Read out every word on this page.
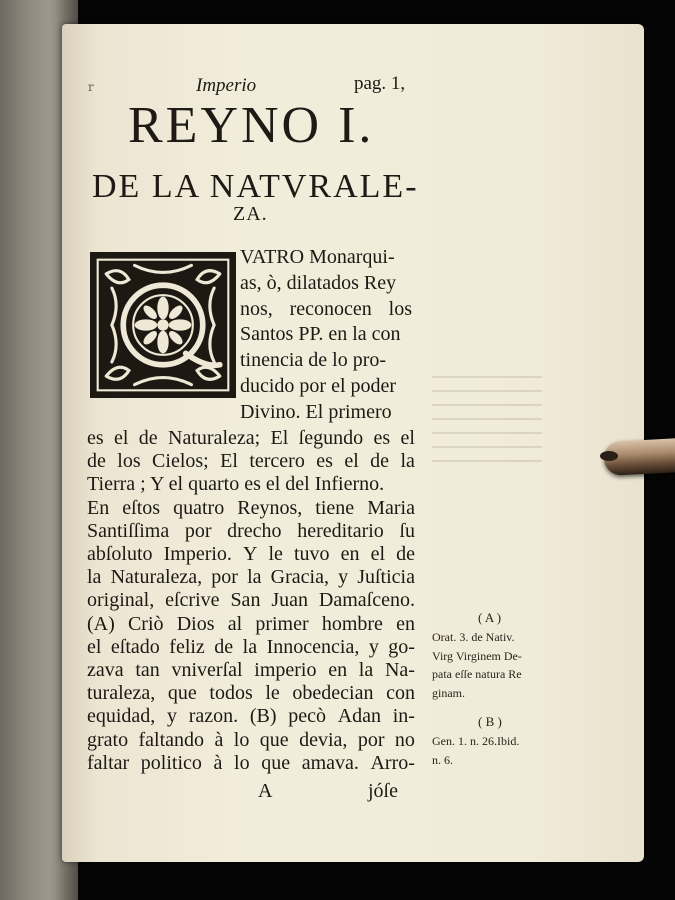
r	Imperio	pag. 1,
REYNO I.
DE LA NATVRALE-
ZA.
VATRO Monarqui-
as, ò, dilatados Rey
nos, reconocen los
Santos PP. en la con
tinencia de lo pro-
ducido por el poder
Divino. El primero
es el de Naturaleza; El ſegundo es el
de los Cielos; El tercero es el de la
Tierra ; Y el quarto es el del Infierno.
En eſtos quatro Reynos, tiene Maria
Santiſſima por drecho hereditario ſu
abſoluto Imperio. Y le tuvo en el de
la Naturaleza, por la Gracia, y Juſticia
original, eſcrive San Juan Damaſceno.
(A) Criò Dios al primer hombre en
el eſtado feliz de la Innocencia, y go-
zava tan vniverſal imperio en la Na-
turaleza, que todos le obedecian con
equidad, y razon. (B) pecò Adan in-
grato faltando à lo que devia, por no
faltar politico à lo que amava. Arro-
A	jóſe
( A )
Orat. 3. de Nativ.
Virg Virginem De-
pata eſſe natura Re
ginam.
( B )
Gen. 1. n. 26.Ibid.
n. 6.
